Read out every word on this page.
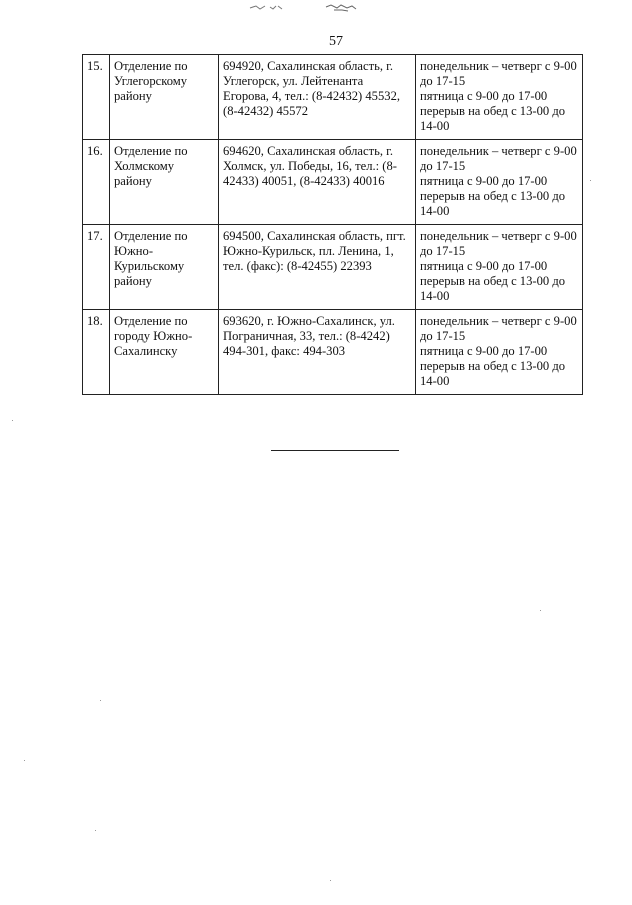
57
15.	Отделение по Углегорскому району	694920, Сахалинская область, г. Углегорск, ул. Лейтенанта Егорова, 4, тел.: (8-42432) 45532, (8-42432) 45572	понедельник – четверг с 9-00 до 17-15
пятница с 9-00 до 17-00
перерыв на обед с 13-00 до 14-00

16.	Отделение по Холмскому району	694620, Сахалинская область, г. Холмск, ул. Победы, 16, тел.: (8-42433) 40051, (8-42433) 40016	понедельник – четверг с 9-00 до 17-15
пятница с 9-00 до 17-00
перерыв на обед с 13-00 до 14-00

17.	Отделение по Южно-Курильскому району	694500, Сахалинская область, пгт. Южно-Курильск, пл. Ленина, 1, тел. (факс): (8-42455) 22393	понедельник – четверг с 9-00 до 17-15
пятница с 9-00 до 17-00
перерыв на обед с 13-00 до 14-00

18.	Отделение по городу Южно-Сахалинску	693620, г. Южно-Сахалинск, ул. Пограничная, 33, тел.: (8-4242) 494-301, факс: 494-303	понедельник – четверг с 9-00 до 17-15
пятница с 9-00 до 17-00
перерыв на обед с 13-00 до 14-00
